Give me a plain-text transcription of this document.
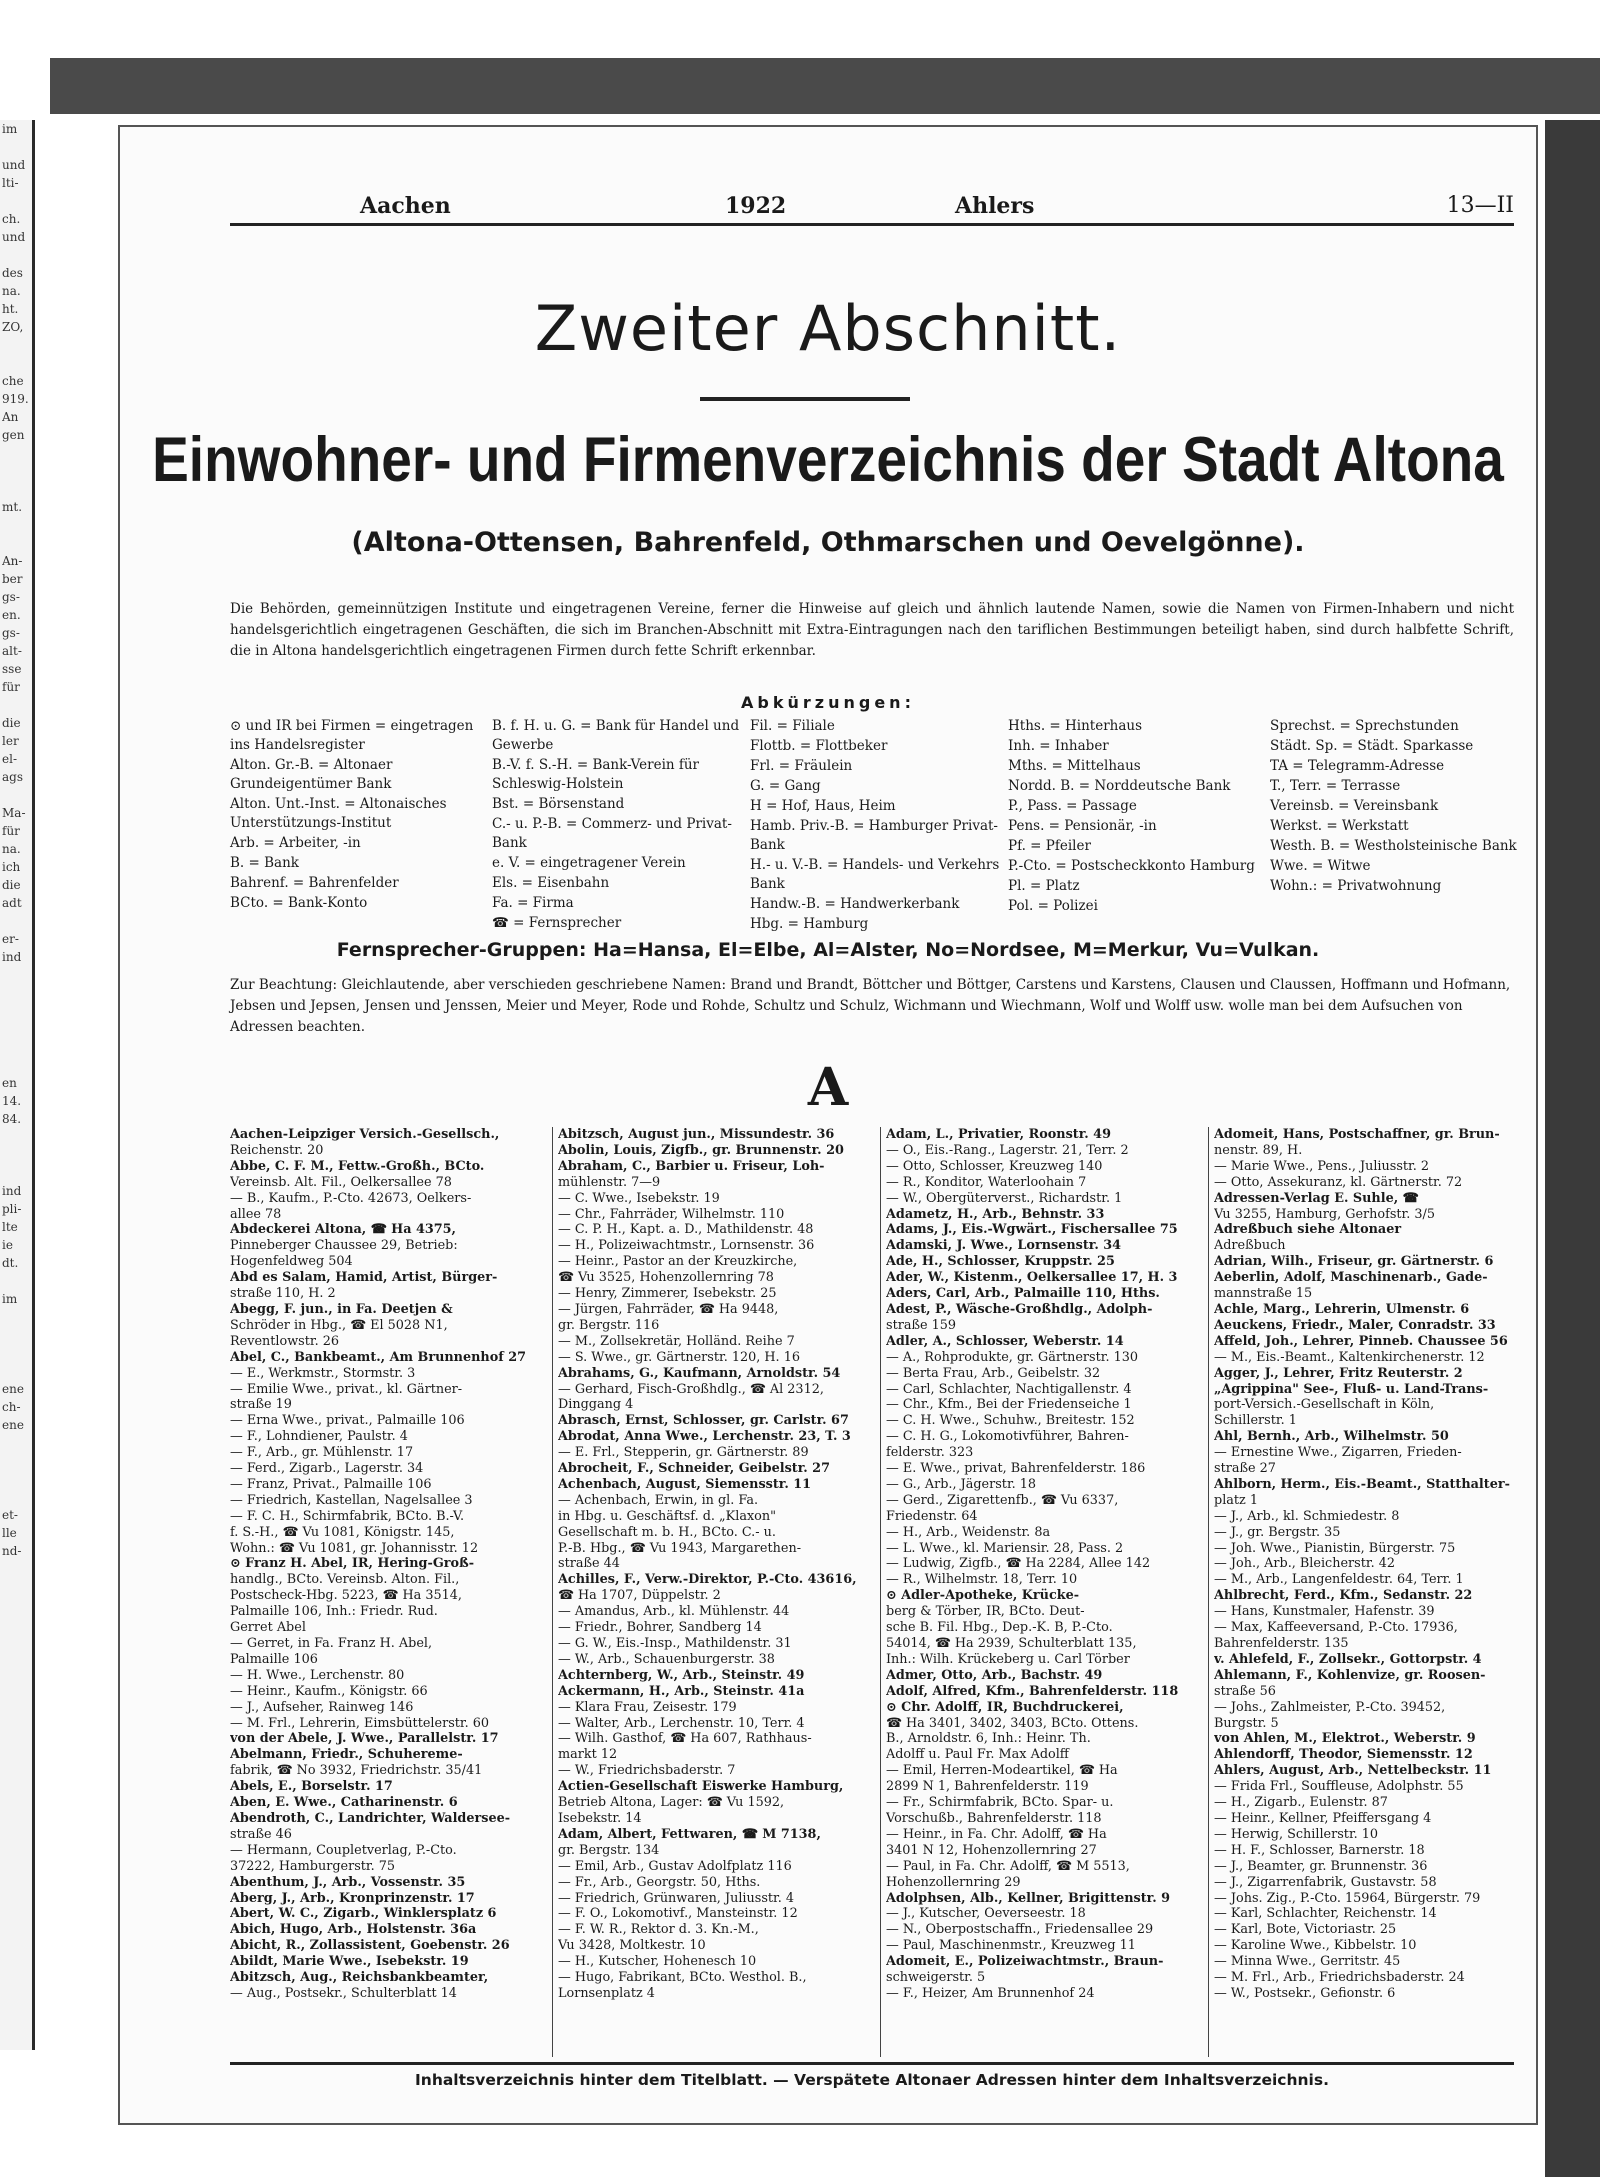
im

und
lti-

ch.
und

des
na.
ht.
ZO,

che
919.
An
gen

mt.

An-
ber
gs-
en.
gs-
alt-
sse
für

die
ler
el-
ags

Ma-
für
na.
ich
die
adt

er-
ind

en
14.
84.

ind
pli-
lte
ie
dt.

im

ene
ch-
ene

et-
lle
nd-
Aachen	1922	Ahlers	13—II
Zweiter Abschnitt.
Einwohner- und Firmenverzeichnis der Stadt Altona
(Altona-Ottensen, Bahrenfeld, Othmarschen und Oevelgönne).
Die Behörden, gemeinnützigen Institute und eingetragenen Vereine, ferner die Hinweise auf gleich und ähnlich lautende Namen, sowie die Namen von Firmen-Inhabern und nicht handelsgerichtlich eingetragenen Geschäften, die sich im Branchen-Abschnitt mit Extra-Eintragungen nach den tariflichen Bestimmungen beteiligt haben, sind durch halbfette Schrift, die in Altona handelsgerichtlich eingetragenen Firmen durch fette Schrift erkennbar.
Abkürzungen:
⊙ und IR bei Firmen = eingetragen ins Handelsregister
Alton. Gr.-B. = Altonaer Grundeigentümer Bank
Alton. Unt.-Inst. = Altonaisches Unterstützungs-Institut
Arb. = Arbeiter, -in
B. = Bank
Bahrenf. = Bahrenfelder
BCto. = Bank-Konto
B. f. H. u. G. = Bank für Handel und Gewerbe
B.-V. f. S.-H. = Bank-Verein für Schleswig-Holstein
Bst. = Börsenstand
C.- u. P.-B. = Commerz- und Privat-Bank
e. V. = eingetragener Verein
Els. = Eisenbahn
Fa. = Firma
☎ = Fernsprecher
Fil. = Filiale
Flottb. = Flottbeker
Frl. = Fräulein
G. = Gang
H = Hof, Haus, Heim
Hamb. Priv.-B. = Hamburger Privat-Bank
H.- u. V.-B. = Handels- und Verkehrs Bank
Handw.-B. = Handwerkerbank
Hbg. = Hamburg
Hths. = Hinterhaus
Inh. = Inhaber
Mths. = Mittelhaus
Nordd. B. = Norddeutsche Bank
P., Pass. = Passage
Pens. = Pensionär, -in
Pf. = Pfeiler
P.-Cto. = Postscheckkonto Hamburg
Pl. = Platz
Pol. = Polizei
Sprechst. = Sprechstunden
Städt. Sp. = Städt. Sparkasse
TA = Telegramm-Adresse
T., Terr. = Terrasse
Vereinsb. = Vereinsbank
Werkst. = Werkstatt
Westh. B. = Westholsteinische Bank
Wwe. = Witwe
Wohn.: = Privatwohnung
Fernsprecher-Gruppen: Ha=Hansa, El=Elbe, Al=Alster, No=Nordsee, M=Merkur, Vu=Vulkan.
Zur Beachtung: Gleichlautende, aber verschieden geschriebene Namen: Brand und Brandt, Böttcher und Böttger, Carstens und Karstens, Clausen und Claussen, Hoffmann und Hofmann, Jebsen und Jepsen, Jensen und Jenssen, Meier und Meyer, Rode und Rohde, Schultz und Schulz, Wichmann und Wiechmann, Wolf und Wolff usw. wolle man bei dem Aufsuchen von Adressen beachten.
A
Aachen-Leipziger Versich.-Gesellsch.,
Reichenstr. 20
Abbe, C. F. M., Fettw.-Großh., BCto.
Vereinsb. Alt. Fil., Oelkersallee 78
— B., Kaufm., P.-Cto. 42673, Oelkers-
allee 78
Abdeckerei Altona, ☎ Ha 4375,
Pinneberger Chaussee 29, Betrieb:
Hogenfeldweg 504
Abd es Salam, Hamid, Artist, Bürger-
straße 110, H. 2
Abegg, F. jun., in Fa. Deetjen &
Schröder in Hbg., ☎ El 5028 N1,
Reventlowstr. 26
Abel, C., Bankbeamt., Am Brunnenhof 27
— E., Werkmstr., Stormstr. 3
— Emilie Wwe., privat., kl. Gärtner-
straße 19
— Erna Wwe., privat., Palmaille 106
— F., Lohndiener, Paulstr. 4
— F., Arb., gr. Mühlenstr. 17
— Ferd., Zigarb., Lagerstr. 34
— Franz, Privat., Palmaille 106
— Friedrich, Kastellan, Nagelsallee 3
— F. C. H., Schirmfabrik, BCto. B.-V.
f. S.-H., ☎ Vu 1081, Königstr. 145,
Wohn.: ☎ Vu 1081, gr. Johannisstr. 12
⊙ Franz H. Abel, IR, Hering-Groß-
handlg., BCto. Vereinsb. Alton. Fil.,
Postscheck-Hbg. 5223, ☎ Ha 3514,
Palmaille 106, Inh.: Friedr. Rud.
Gerret Abel
— Gerret, in Fa. Franz H. Abel,
Palmaille 106
— H. Wwe., Lerchenstr. 80
— Heinr., Kaufm., Königstr. 66
— J., Aufseher, Rainweg 146
— M. Frl., Lehrerin, Eimsbüttelerstr. 60
von der Abele, J. Wwe., Parallelstr. 17
Abelmann, Friedr., Schuhereme-
fabrik, ☎ No 3932, Friedrichstr. 35/41
Abels, E., Borselstr. 17
Aben, E. Wwe., Catharinenstr. 6
Abendroth, C., Landrichter, Waldersee-
straße 46
— Hermann, Coupletverlag, P.-Cto.
37222, Hamburgerstr. 75
Abenthum, J., Arb., Vossenstr. 35
Aberg, J., Arb., Kronprinzenstr. 17
Abert, W. C., Zigarb., Winklersplatz 6
Abich, Hugo, Arb., Holstenstr. 36a
Abicht, R., Zollassistent, Goebenstr. 26
Abildt, Marie Wwe., Isebekstr. 19
Abitzsch, Aug., Reichsbankbeamter,
— Aug., Postsekr., Schulterblatt 14
Abitzsch, August jun., Missundestr. 36
Abolin, Louis, Zigfb., gr. Brunnenstr. 20
Abraham, C., Barbier u. Friseur, Loh-
mühlenstr. 7—9
— C. Wwe., Isebekstr. 19
— Chr., Fahrräder, Wilhelmstr. 110
— C. P. H., Kapt. a. D., Mathildenstr. 48
— H., Polizeiwachtmstr., Lornsenstr. 36
— Heinr., Pastor an der Kreuzkirche,
☎ Vu 3525, Hohenzollernring 78
— Henry, Zimmerer, Isebekstr. 25
— Jürgen, Fahrräder, ☎ Ha 9448,
gr. Bergstr. 116
— M., Zollsekretär, Holländ. Reihe 7
— S. Wwe., gr. Gärtnerstr. 120, H. 16
Abrahams, G., Kaufmann, Arnoldstr. 54
— Gerhard, Fisch-Großhdlg., ☎ Al 2312,
Dinggang 4
Abrasch, Ernst, Schlosser, gr. Carlstr. 67
Abrodat, Anna Wwe., Lerchenstr. 23, T. 3
— E. Frl., Stepperin, gr. Gärtnerstr. 89
Abrocheit, F., Schneider, Geibelstr. 27
Achenbach, August, Siemensstr. 11
— Achenbach, Erwin, in gl. Fa.
in Hbg. u. Geschäftsf. d. „Klaxon"
Gesellschaft m. b. H., BCto. C.- u.
P.-B. Hbg., ☎ Vu 1943, Margarethen-
straße 44
Achilles, F., Verw.-Direktor, P.-Cto. 43616,
☎ Ha 1707, Düppelstr. 2
— Amandus, Arb., kl. Mühlenstr. 44
— Friedr., Bohrer, Sandberg 14
— G. W., Eis.-Insp., Mathildenstr. 31
— W., Arb., Schauenburgerstr. 38
Achternberg, W., Arb., Steinstr. 49
Ackermann, H., Arb., Steinstr. 41a
— Klara Frau, Zeisestr. 179
— Walter, Arb., Lerchenstr. 10, Terr. 4
— Wilh. Gasthof, ☎ Ha 607, Rathhaus-
markt 12
— W., Friedrichsbaderstr. 7
Actien-Gesellschaft Eiswerke Hamburg,
Betrieb Altona, Lager: ☎ Vu 1592,
Isebekstr. 14
Adam, Albert, Fettwaren, ☎ M 7138,
gr. Bergstr. 134
— Emil, Arb., Gustav Adolfplatz 116
— Fr., Arb., Georgstr. 50, Hths.
— Friedrich, Grünwaren, Juliusstr. 4
— F. O., Lokomotivf., Mansteinstr. 12
— F. W. R., Rektor d. 3. Kn.-M.,
Vu 3428, Moltkestr. 10
— H., Kutscher, Hohenesch 10
— Hugo, Fabrikant, BCto. Westhol. B.,
Lornsenplatz 4
Adam, L., Privatier, Roonstr. 49
— O., Eis.-Rang., Lagerstr. 21, Terr. 2
— Otto, Schlosser, Kreuzweg 140
— R., Konditor, Waterloohain 7
— W., Obergüterverst., Richardstr. 1
Adametz, H., Arb., Behnstr. 33
Adams, J., Eis.-Wgwärt., Fischersallee 75
Adamski, J. Wwe., Lornsenstr. 34
Ade, H., Schlosser, Kruppstr. 25
Ader, W., Kistenm., Oelkersallee 17, H. 3
Aders, Carl, Arb., Palmaille 110, Hths.
Adest, P., Wäsche-Großhdlg., Adolph-
straße 159
Adler, A., Schlosser, Weberstr. 14
— A., Rohprodukte, gr. Gärtnerstr. 130
— Berta Frau, Arb., Geibelstr. 32
— Carl, Schlachter, Nachtigallenstr. 4
— Chr., Kfm., Bei der Friedenseiche 1
— C. H. Wwe., Schuhw., Breitestr. 152
— C. H. G., Lokomotivführer, Bahren-
felderstr. 323
— E. Wwe., privat, Bahrenfelderstr. 186
— G., Arb., Jägerstr. 18
— Gerd., Zigarettenfb., ☎ Vu 6337,
Friedenstr. 64
— H., Arb., Weidenstr. 8a
— L. Wwe., kl. Mariensir. 28, Pass. 2
— Ludwig, Zigfb., ☎ Ha 2284, Allee 142
— R., Wilhelmstr. 18, Terr. 10
⊙ Adler-Apotheke, Krücke-
berg & Törber, IR, BCto. Deut-
sche B. Fil. Hbg., Dep.-K. B, P.-Cto.
54014, ☎ Ha 2939, Schulterblatt 135,
Inh.: Wilh. Krückeberg u. Carl Törber
Admer, Otto, Arb., Bachstr. 49
Adolf, Alfred, Kfm., Bahrenfelderstr. 118
⊙ Chr. Adolff, IR, Buchdruckerei,
☎ Ha 3401, 3402, 3403, BCto. Ottens.
B., Arnoldstr. 6, Inh.: Heinr. Th.
Adolff u. Paul Fr. Max Adolff
— Emil, Herren-Modeartikel, ☎ Ha
2899 N 1, Bahrenfelderstr. 119
— Fr., Schirmfabrik, BCto. Spar- u.
Vorschußb., Bahrenfelderstr. 118
— Heinr., in Fa. Chr. Adolff, ☎ Ha
3401 N 12, Hohenzollernring 27
— Paul, in Fa. Chr. Adolff, ☎ M 5513,
Hohenzollernring 29
Adolphsen, Alb., Kellner, Brigittenstr. 9
— J., Kutscher, Oeverseestr. 18
— N., Oberpostschaffn., Friedensallee 29
— Paul, Maschinenmstr., Kreuzweg 11
Adomeit, E., Polizeiwachtmstr., Braun-
schweigerstr. 5
— F., Heizer, Am Brunnenhof 24
Adomeit, Hans, Postschaffner, gr. Brun-
nenstr. 89, H.
— Marie Wwe., Pens., Juliusstr. 2
— Otto, Assekuranz, kl. Gärtnerstr. 72
Adressen-Verlag E. Suhle, ☎
Vu 3255, Hamburg, Gerhofstr. 3/5
Adreßbuch siehe Altonaer
Adreßbuch
Adrian, Wilh., Friseur, gr. Gärtnerstr. 6
Aeberlin, Adolf, Maschinenarb., Gade-
mannstraße 15
Achle, Marg., Lehrerin, Ulmenstr. 6
Aeuckens, Friedr., Maler, Conradstr. 33
Affeld, Joh., Lehrer, Pinneb. Chaussee 56
— M., Eis.-Beamt., Kaltenkirchenerstr. 12
Agger, J., Lehrer, Fritz Reuterstr. 2
„Agrippina" See-, Fluß- u. Land-Trans-
port-Versich.-Gesellschaft in Köln,
Schillerstr. 1
Ahl, Bernh., Arb., Wilhelmstr. 50
— Ernestine Wwe., Zigarren, Frieden-
straße 27
Ahlborn, Herm., Eis.-Beamt., Statthalter-
platz 1
— J., Arb., kl. Schmiedestr. 8
— J., gr. Bergstr. 35
— Joh. Wwe., Pianistin, Bürgerstr. 75
— Joh., Arb., Bleicherstr. 42
— M., Arb., Langenfeldestr. 64, Terr. 1
Ahlbrecht, Ferd., Kfm., Sedanstr. 22
— Hans, Kunstmaler, Hafenstr. 39
— Max, Kaffeeversand, P.-Cto. 17936,
Bahrenfelderstr. 135
v. Ahlefeld, F., Zollsekr., Gottorpstr. 4
Ahlemann, F., Kohlenvize, gr. Roosen-
straße 56
— Johs., Zahlmeister, P.-Cto. 39452,
Burgstr. 5
von Ahlen, M., Elektrot., Weberstr. 9
Ahlendorff, Theodor, Siemensstr. 12
Ahlers, August, Arb., Nettelbeckstr. 11
— Frida Frl., Souffleuse, Adolphstr. 55
— H., Zigarb., Eulenstr. 87
— Heinr., Kellner, Pfeiffersgang 4
— Herwig, Schillerstr. 10
— H. F., Schlosser, Barnerstr. 18
— J., Beamter, gr. Brunnenstr. 36
— J., Zigarrenfabrik, Gustavstr. 58
— Johs. Zig., P.-Cto. 15964, Bürgerstr. 79
— Karl, Schlachter, Reichenstr. 14
— Karl, Bote, Victoriastr. 25
— Karoline Wwe., Kibbelstr. 10
— Minna Wwe., Gerritstr. 45
— M. Frl., Arb., Friedrichsbaderstr. 24
— W., Postsekr., Gefionstr. 6
Inhaltsverzeichnis hinter dem Titelblatt. — Verspätete Altonaer Adressen hinter dem Inhaltsverzeichnis.
